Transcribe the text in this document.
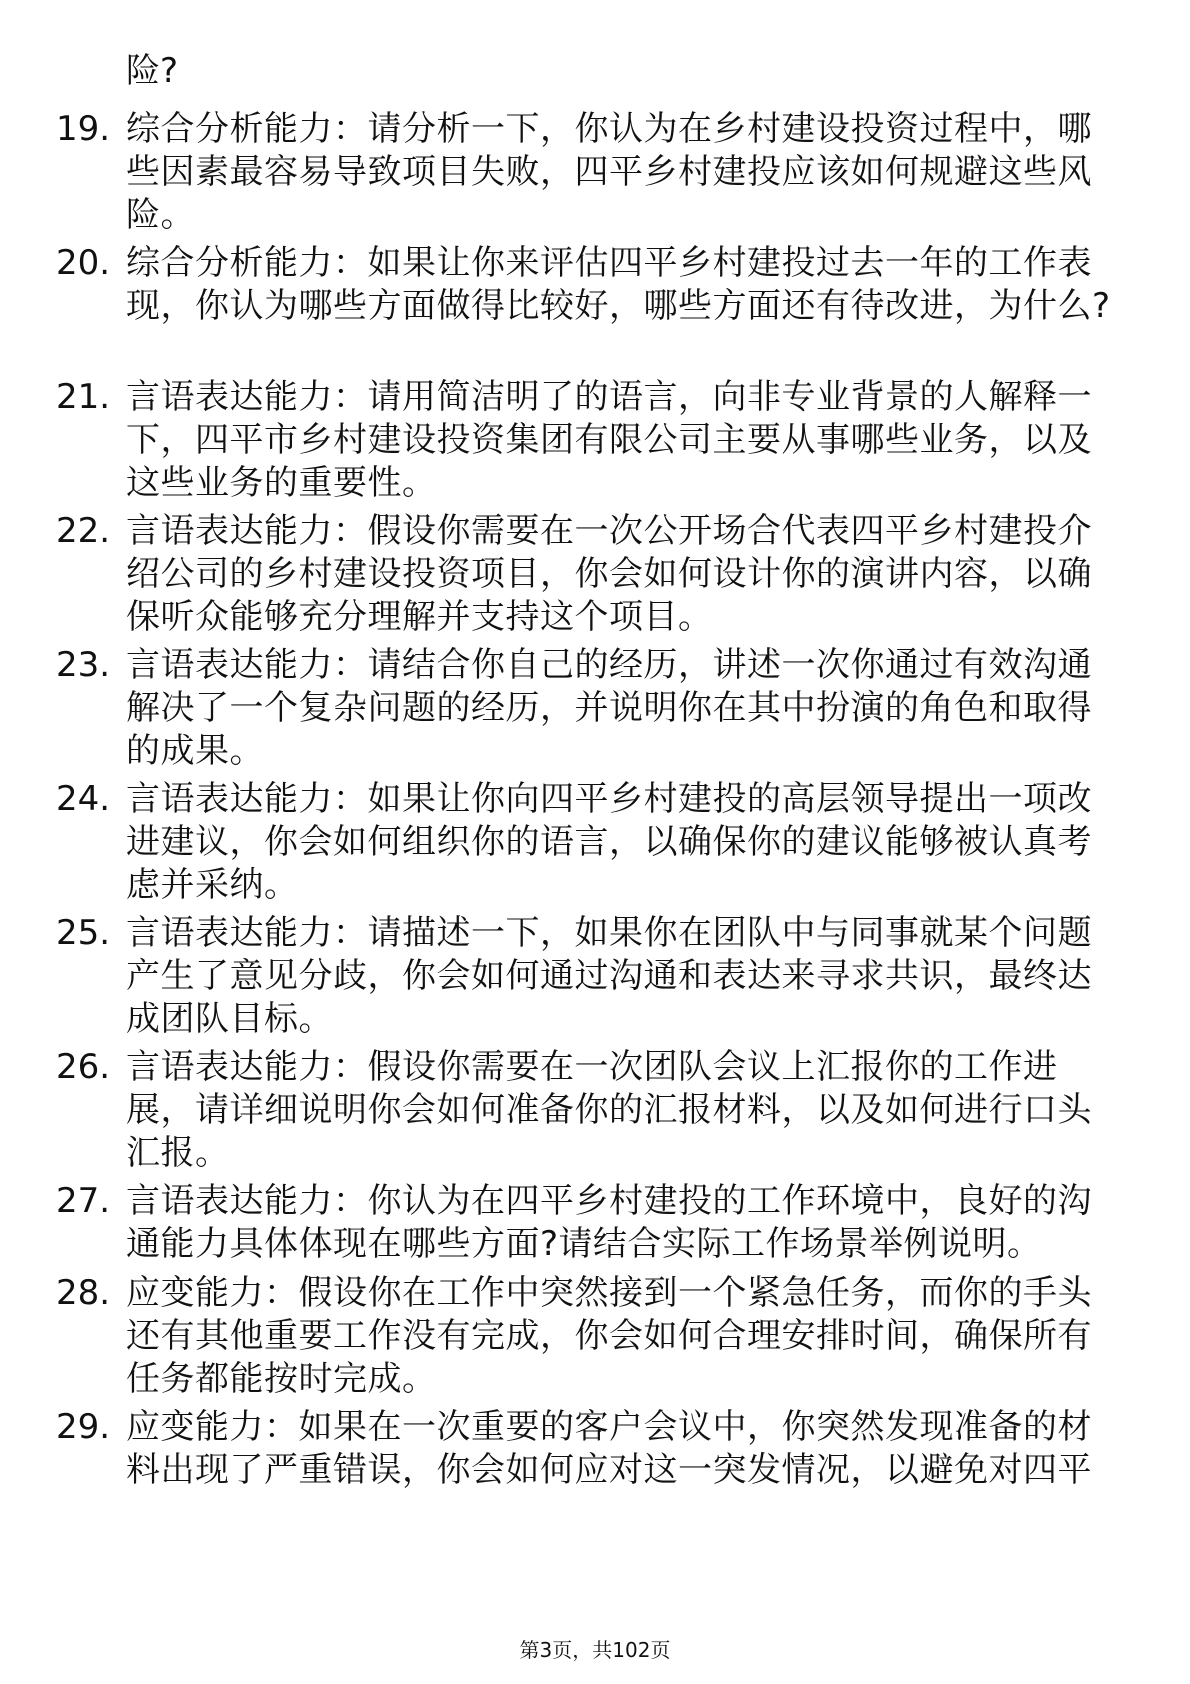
险?
19. 综合分析能力：请分析一下，你认为在乡村建设投资过程中，哪些因素最容易导致项目失败，四平乡村建投应该如何规避这些风险。
20. 综合分析能力：如果让你来评估四平乡村建投过去一年的工作表现，你认为哪些方面做得比较好，哪些方面还有待改进，为什么?
21. 言语表达能力：请用简洁明了的语言，向非专业背景的人解释一下，四平市乡村建设投资集团有限公司主要从事哪些业务，以及这些业务的重要性。
22. 言语表达能力：假设你需要在一次公开场合代表四平乡村建投介绍公司的乡村建设投资项目，你会如何设计你的演讲内容，以确保听众能够充分理解并支持这个项目。
23. 言语表达能力：请结合你自己的经历，讲述一次你通过有效沟通解决了一个复杂问题的经历，并说明你在其中扮演的角色和取得的成果。
24. 言语表达能力：如果让你向四平乡村建投的高层领导提出一项改进建议，你会如何组织你的语言，以确保你的建议能够被认真考虑并采纳。
25. 言语表达能力：请描述一下，如果你在团队中与同事就某个问题产生了意见分歧，你会如何通过沟通和表达来寻求共识，最终达成团队目标。
26. 言语表达能力：假设你需要在一次团队会议上汇报你的工作进展，请详细说明你会如何准备你的汇报材料，以及如何进行口头汇报。
27. 言语表达能力：你认为在四平乡村建投的工作环境中，良好的沟通能力具体体现在哪些方面?请结合实际工作场景举例说明。
28. 应变能力：假设你在工作中突然接到一个紧急任务，而你的手头还有其他重要工作没有完成，你会如何合理安排时间，确保所有任务都能按时完成。
29. 应变能力：如果在一次重要的客户会议中，你突然发现准备的材料出现了严重错误，你会如何应对这一突发情况，以避免对四平
第3页，共102页
